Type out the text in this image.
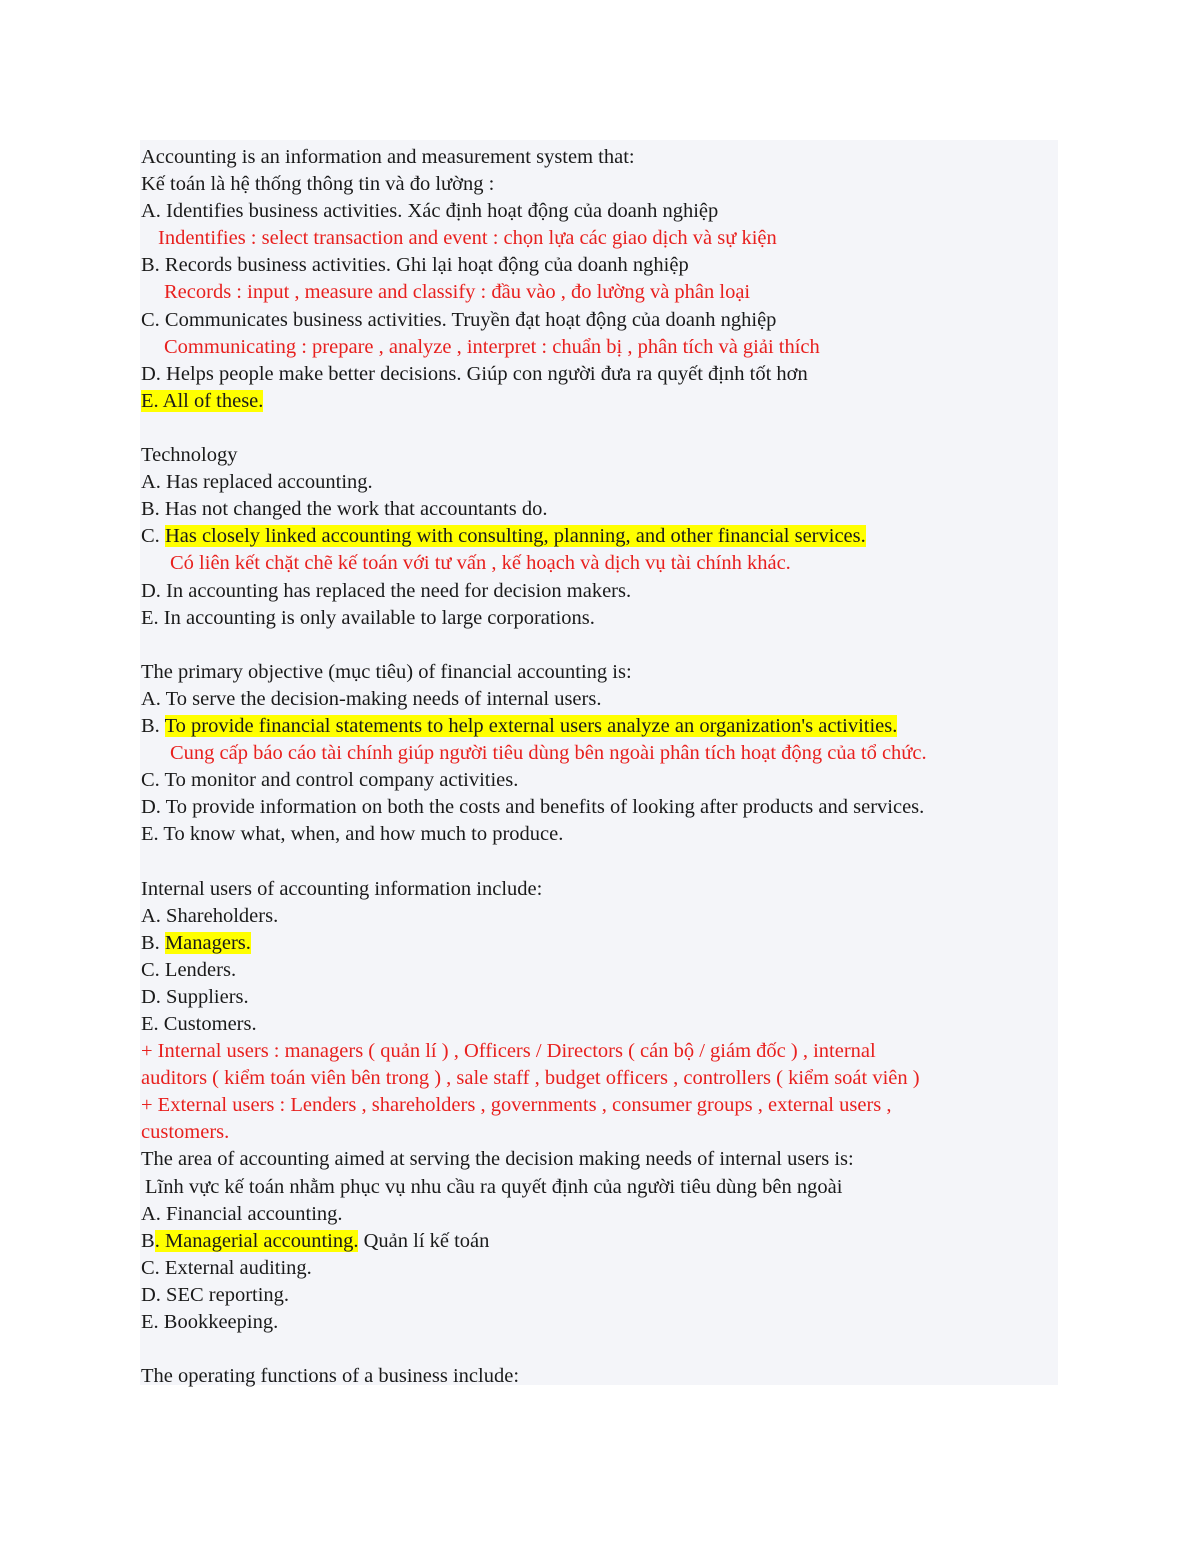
Accounting is an information and measurement system that:
Kế toán là hệ thống thông tin và đo lường :
A. Identifies business activities. Xác định hoạt động của doanh nghiệp
Indentifies : select transaction and event : chọn lựa các giao dịch và sự kiện
B. Records business activities. Ghi lại hoạt động của doanh nghiệp
Records : input , measure and classify : đầu vào , đo lường và phân loại
C. Communicates business activities. Truyền đạt hoạt động của doanh nghiệp
Communicating : prepare , analyze , interpret : chuẩn bị , phân tích và giải thích
D. Helps people make better decisions. Giúp con người đưa ra quyết định tốt hơn
E. All of these.
Technology
A. Has replaced accounting.
B. Has not changed the work that accountants do.
C. Has closely linked accounting with consulting, planning, and other financial services.
Có liên kết chặt chẽ kế toán với tư vấn , kế hoạch và dịch vụ tài chính khác.
D. In accounting has replaced the need for decision makers.
E. In accounting is only available to large corporations.
The primary objective (mục tiêu) of financial accounting is:
A. To serve the decision-making needs of internal users.
B. To provide financial statements to help external users analyze an organization's activities.
Cung cấp báo cáo tài chính giúp người tiêu dùng bên ngoài phân tích hoạt động của tổ chức.
C. To monitor and control company activities.
D. To provide information on both the costs and benefits of looking after products and services.
E. To know what, when, and how much to produce.
Internal users of accounting information include:
A. Shareholders.
B. Managers.
C. Lenders.
D. Suppliers.
E. Customers.
+ Internal users : managers ( quản lí ) , Officers / Directors ( cán bộ / giám đốc ) , internal
auditors ( kiểm toán viên bên trong ) , sale staff , budget officers , controllers ( kiểm soát viên )
+ External users : Lenders , shareholders , governments , consumer groups , external users ,
customers.
The area of accounting aimed at serving the decision making needs of internal users is:
Lĩnh vực kế toán nhằm phục vụ nhu cầu ra quyết định của người tiêu dùng bên ngoài
A. Financial accounting.
B. Managerial accounting. Quản lí kế toán
C. External auditing.
D. SEC reporting.
E. Bookkeeping.
The operating functions of a business include:
